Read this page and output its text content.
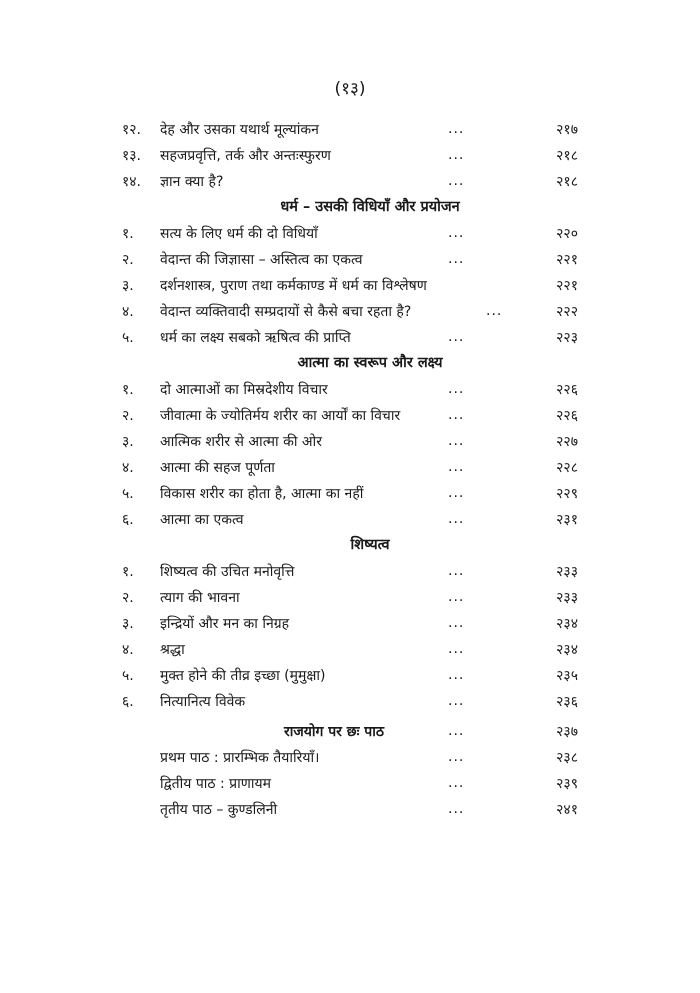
(१३)
१२.	देह और उसका यथार्थ मूल्यांकन	...	२१७
१३.	सहजप्रवृत्ति, तर्क और अन्तःस्फुरण	...	२१८
१४.	ज्ञान क्या है?	...	२१८
धर्म – उसकी विधियाँ और प्रयोजन
१.	सत्य के लिए धर्म की दो विधियाँ	...	२२०
२.	वेदान्त की जिज्ञासा – अस्तित्व का एकत्व	...	२२१
३.	दर्शनशास्त्र, पुराण तथा कर्मकाण्ड में धर्म का विश्लेषण	२२१
४.	वेदान्त व्यक्तिवादी सम्प्रदायों से कैसे बचा रहता है?	...	२२२
५.	धर्म का लक्ष्य सबको ऋषित्व की प्राप्ति	...	२२३
आत्मा का स्वरूप और लक्ष्य
१.	दो आत्माओं का मिस्रदेशीय विचार	...	२२६
२.	जीवात्मा के ज्योतिर्मय शरीर का आर्यों का विचार	...	२२६
३.	आत्मिक शरीर से आत्मा की ओर	...	२२७
४.	आत्मा की सहज पूर्णता	...	२२८
५.	विकास शरीर का होता है, आत्मा का नहीं	...	२२९
६.	आत्मा का एकत्व	...	२३१
शिष्यत्व
१.	शिष्यत्व की उचित मनोवृत्ति	...	२३३
२.	त्याग की भावना	...	२३३
३.	इन्द्रियों और मन का निग्रह	...	२३४
४.	श्रद्धा	...	२३४
५.	मुक्त होने की तीव्र इच्छा (मुमुक्षा)	...	२३५
६.	नित्यानित्य विवेक	...	२३६
राजयोग पर छः पाठ	...	२३७
प्रथम पाठ : प्रारम्भिक तैयारियाँ।	...	२३८
द्वितीय पाठ : प्राणायम	...	२३९
तृतीय पाठ – कुण्डलिनी	...	२४१
